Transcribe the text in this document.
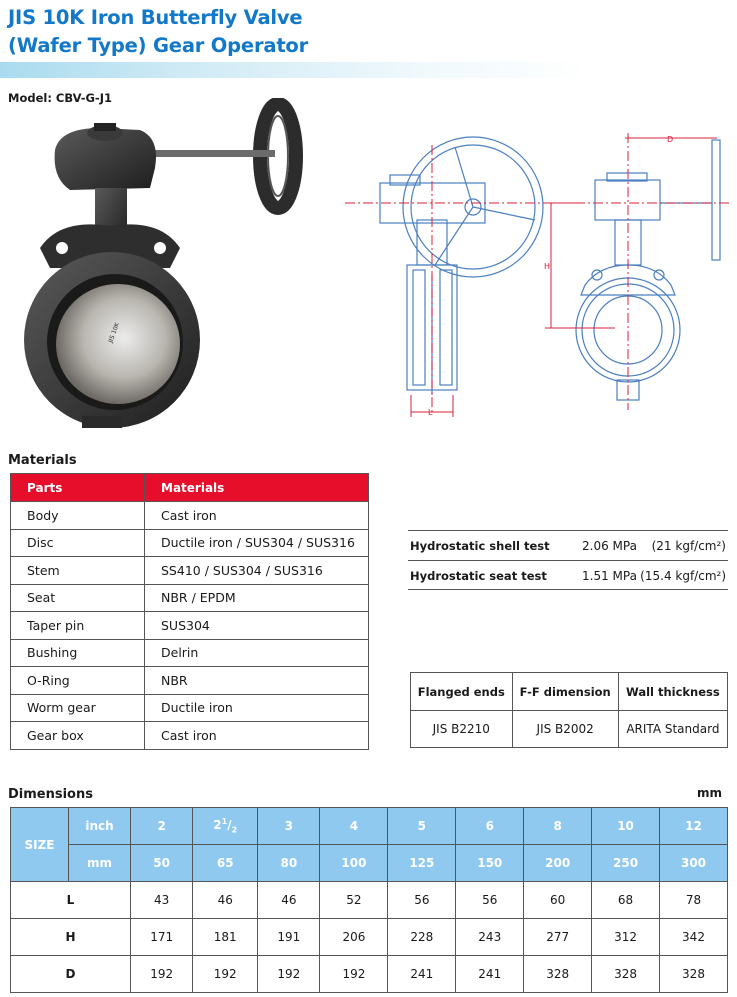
JIS 10K Iron Butterfly Valve
(Wafer Type) Gear Operator
Model: CBV-G-J1
JIS 10K
D
H
L
Materials
Parts	Materials
Body	Cast iron
Disc	Ductile iron / SUS304 / SUS316
Stem	SS410 / SUS304 / SUS316
Seat	NBR / EPDM
Taper pin	SUS304
Bushing	Delrin
O-Ring	NBR
Worm gear	Ductile iron
Gear box	Cast iron
Hydrostatic shell test	2.06 MPa (21 kgf/cm²)
Hydrostatic seat test	1.51 MPa (15.4 kgf/cm²)
Flanged ends	F-F dimension	Wall thickness
JIS B2210	JIS B2002	ARITA Standard
Dimensions	mm
SIZE	inch	2	$2^1/_2$	3	4	5	6	8	10	12
	mm	50	65	80	100	125	150	200	250	300
L		43	46	46	52	56	56	60	68	78
H		171	181	191	206	228	243	277	312	342
D		192	192	192	192	241	241	328	328	328
